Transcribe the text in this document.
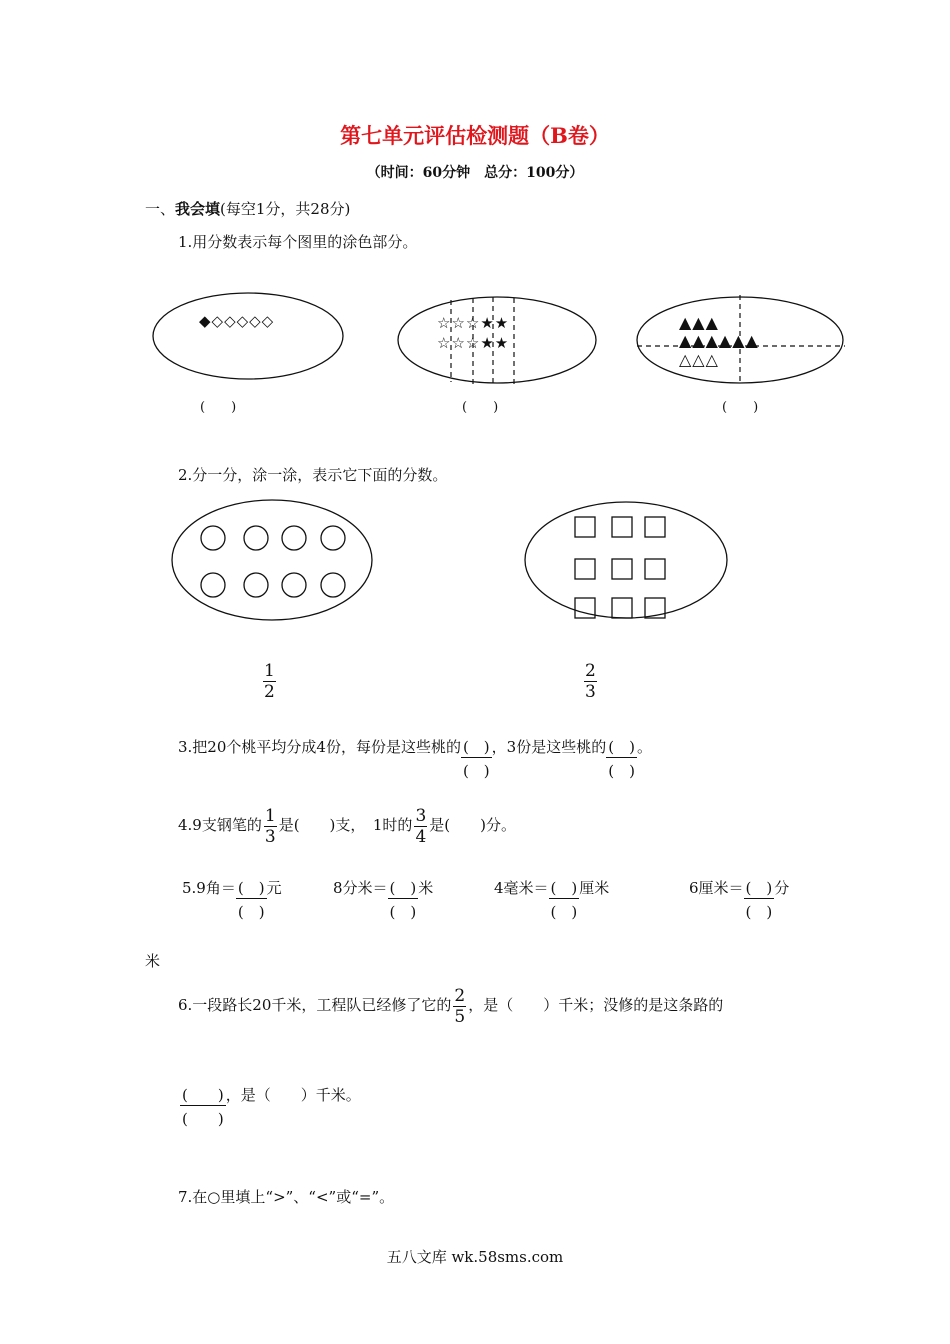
第七单元评估检测题（B卷）
（时间：60分钟　总分：100分）
一、我会填(每空1分，共28分)
1.用分数表示每个图里的涂色部分。
◆◇◇◇◇◇	☆☆☆★★
☆☆☆★★
▲▲▲
▲▲▲▲▲▲
△△△
(　　)	(　　)	(　　)
2.分一分，涂一涂，表示它下面的分数。
$\frac{1}{2}$	$\frac{2}{3}$
3.把20个桃平均分成4份，每份是这些桃的 (　)
(　)
，3份是这些桃的 (　)
(　)
。
4.9支钢笔的 $\frac{1}{3}$ 是(　　)支，　1时的 $\frac{3}{4}$ 是(　　)分。
5.9角＝ (　)
(　)
元	8分米＝ (　)
(　)
米	4毫米＝ (　)
(　)
厘米	6厘米＝ (　)
(　)
分
米
6.一段路长20千米，工程队已经修了它的 $\frac{2}{5}$ ，是（　　）千米；没修的是这条路的
(　　)
(　　)
，是（　　）千米。
7.在○里填上“>”、“<”或“=”。
五八文库 wk.58sms.com
